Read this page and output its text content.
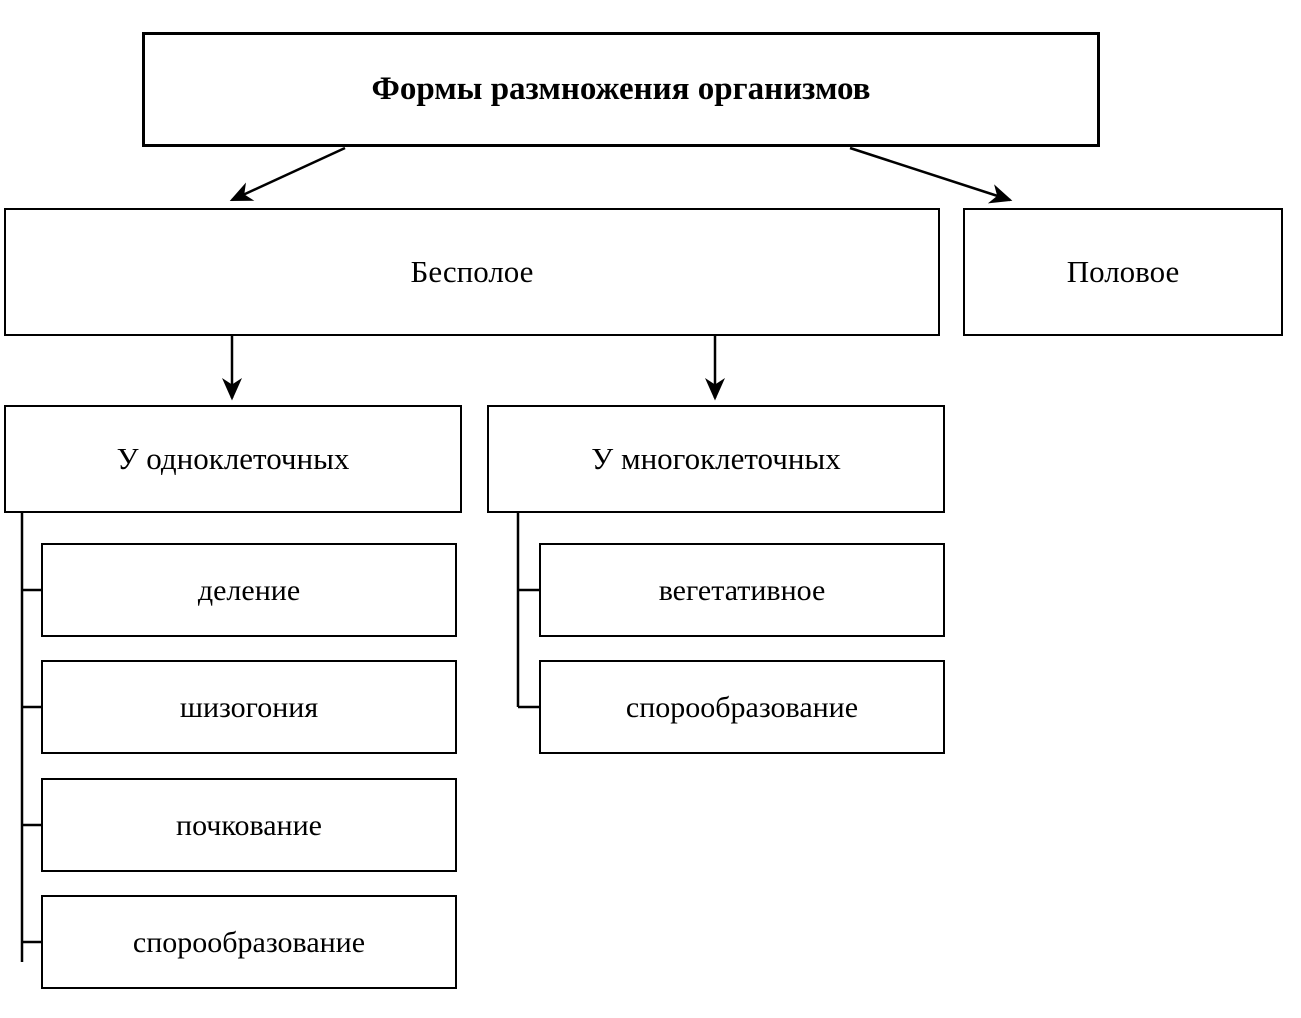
Формы размножения организмов
Бесполое	Половое
У одноклеточных	У многоклеточных
деление
шизогония
почкование
спорообразование
вегетативное
спорообразование
